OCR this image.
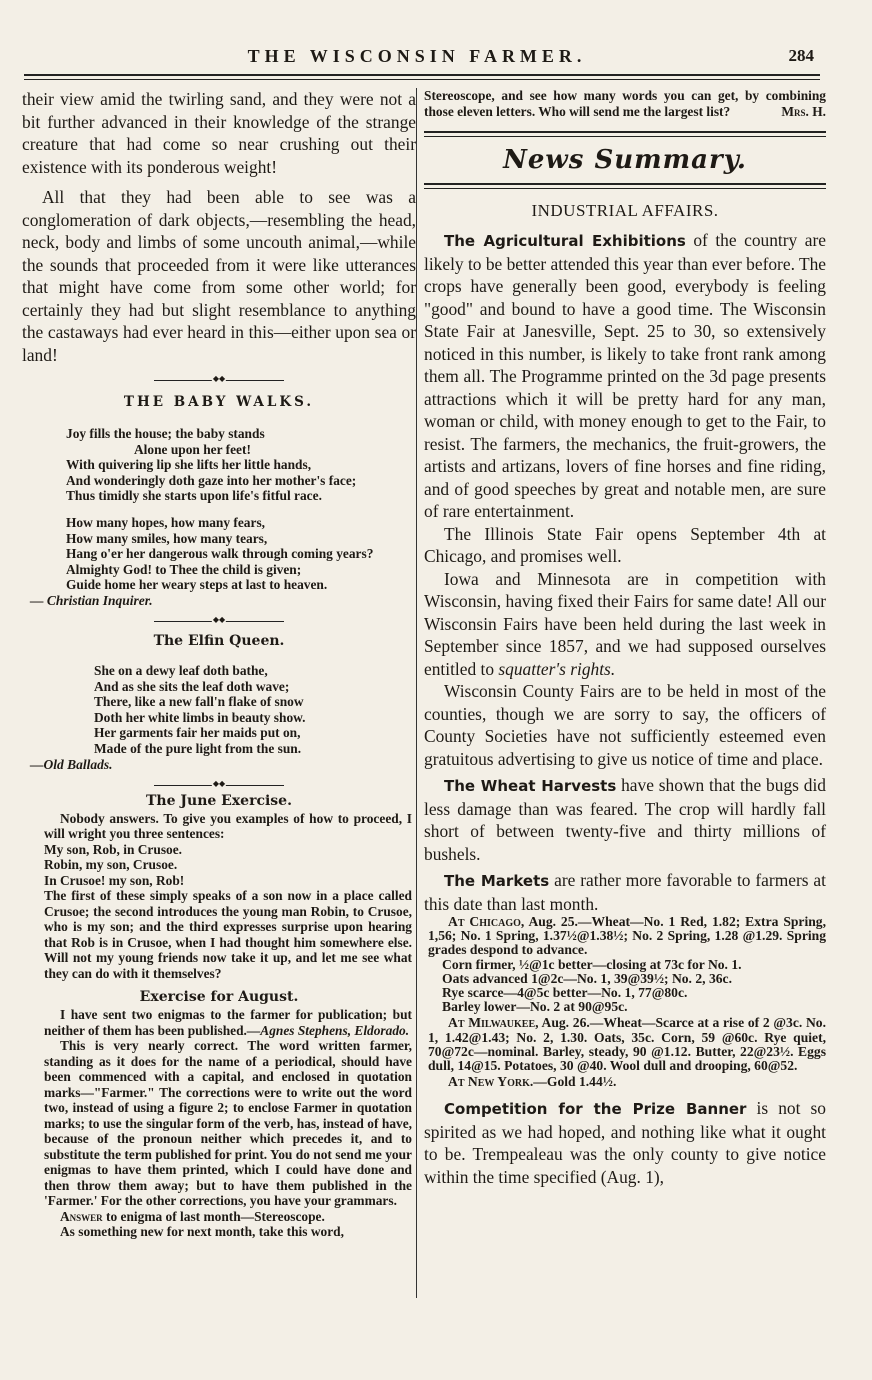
THE WISCONSIN FARMER.	284

their view amid the twirling sand, and they were not a bit further advanced in their knowledge of the strange creature that had come so near crushing out their existence with its ponderous weight!

All that they had been able to see was a conglomeration of dark objects,—resembling the head, neck, body and limbs of some uncouth animal,—while the sounds that proceeded from it were like utterances that might have come from some other world; for certainly they had but slight resemblance to anything the castaways had ever heard in this—either upon sea or land!

◆◆
THE BABY WALKS.
Joy fills the house; the baby stands
Alone upon her feet!
With quivering lip she lifts her little hands,
And wonderingly doth gaze into her mother's face;
Thus timidly she starts upon life's fitful race.
How many hopes, how many fears,
How many smiles, how many tears,
Hang o'er her dangerous walk through coming years?
Almighty God! to Thee the child is given;
Guide home her weary steps at last to heaven.
— Christian Inquirer.
◆◆
The Elfin Queen.
She on a dewy leaf doth bathe,
And as she sits the leaf doth wave;
There, like a new fall'n flake of snow
Doth her white limbs in beauty show.
Her garments fair her maids put on,
Made of the pure light from the sun.
—Old Ballads.
◆◆
The June Exercise.

Nobody answers. To give you examples of how to proceed, I will wright you three sentences:

My son, Rob, in Crusoe.

Robin, my son, Crusoe.

In Crusoe! my son, Rob!

The first of these simply speaks of a son now in a place called Crusoe; the second introduces the young man Robin, to Crusoe, who is my son; and the third expresses surprise upon hearing that Rob is in Crusoe, when I had thought him somewhere else. Will not my young friends now take it up, and let me see what they can do with it themselves?

Exercise for August.

I have sent two enigmas to the farmer for publication; but neither of them has been published.—Agnes Stephens, Eldorado.

This is very nearly correct. The word written farmer, standing as it does for the name of a periodical, should have been commenced with a capital, and enclosed in quotation marks—"Farmer." The corrections were to write out the word two, instead of using a figure 2; to enclose Farmer in quotation marks; to use the singular form of the verb, has, instead of have, because of the pronoun neither which precedes it, and to substitute the term published for print. You do not send me your enigmas to have them printed, which I could have done and then throw them away; but to have them published in the 'Farmer.' For the other corrections, you have your grammars.

Answer to enigma of last month—Stereoscope.

As something new for next month, take this word,

Stereoscope, and see how many words you can get, by combining those eleven letters. Who will send me the largest list?	Mrs. H.

News Summary.
INDUSTRIAL AFFAIRS.

The Agricultural Exhibitions of the country are likely to be better attended this year than ever before. The crops have generally been good, everybody is feeling "good" and bound to have a good time. The Wisconsin State Fair at Janesville, Sept. 25 to 30, so extensively noticed in this number, is likely to take front rank among them all. The Programme printed on the 3d page presents attractions which it will be pretty hard for any man, woman or child, with money enough to get to the Fair, to resist. The farmers, the mechanics, the fruit-growers, the artists and artizans, lovers of fine horses and fine riding, and of good speeches by great and notable men, are sure of rare entertainment.

The Illinois State Fair opens September 4th at Chicago, and promises well.

Iowa and Minnesota are in competition with Wisconsin, having fixed their Fairs for same date! All our Wisconsin Fairs have been held during the last week in September since 1857, and we had supposed ourselves entitled to squatter's rights.

Wisconsin County Fairs are to be held in most of the counties, though we are sorry to say, the officers of County Societies have not sufficiently esteemed even gratuitous advertising to give us notice of time and place.

The Wheat Harvests have shown that the bugs did less damage than was feared. The crop will hardly fall short of between twenty-five and thirty millions of bushels.

The Markets are rather more favorable to farmers at this date than last month.

At Chicago, Aug. 25.—Wheat—No. 1 Red, 1.82; Extra Spring, 1,56; No. 1 Spring, 1.37½@1.38½; No. 2 Spring, 1.28 @1.29. Spring grades despond to advance.

Corn firmer, ½@1c better—closing at 73c for No. 1.

Oats advanced 1@2c—No. 1, 39@39½; No. 2, 36c.

Rye scarce—4@5c better—No. 1, 77@80c.

Barley lower—No. 2 at 90@95c.

At Milwaukee, Aug. 26.—Wheat—Scarce at a rise of 2 @3c. No. 1, 1.42@1.43; No. 2, 1.30. Oats, 35c. Corn, 59 @60c. Rye quiet, 70@72c—nominal. Barley, steady, 90 @1.12. Butter, 22@23½. Eggs dull, 14@15. Potatoes, 30 @40. Wool dull and drooping, 60@52.

At New York.—Gold 1.44½.

Competition for the Prize Banner is not so spirited as we had hoped, and nothing like what it ought to be. Trempealeau was the only county to give notice within the time specified (Aug. 1),
